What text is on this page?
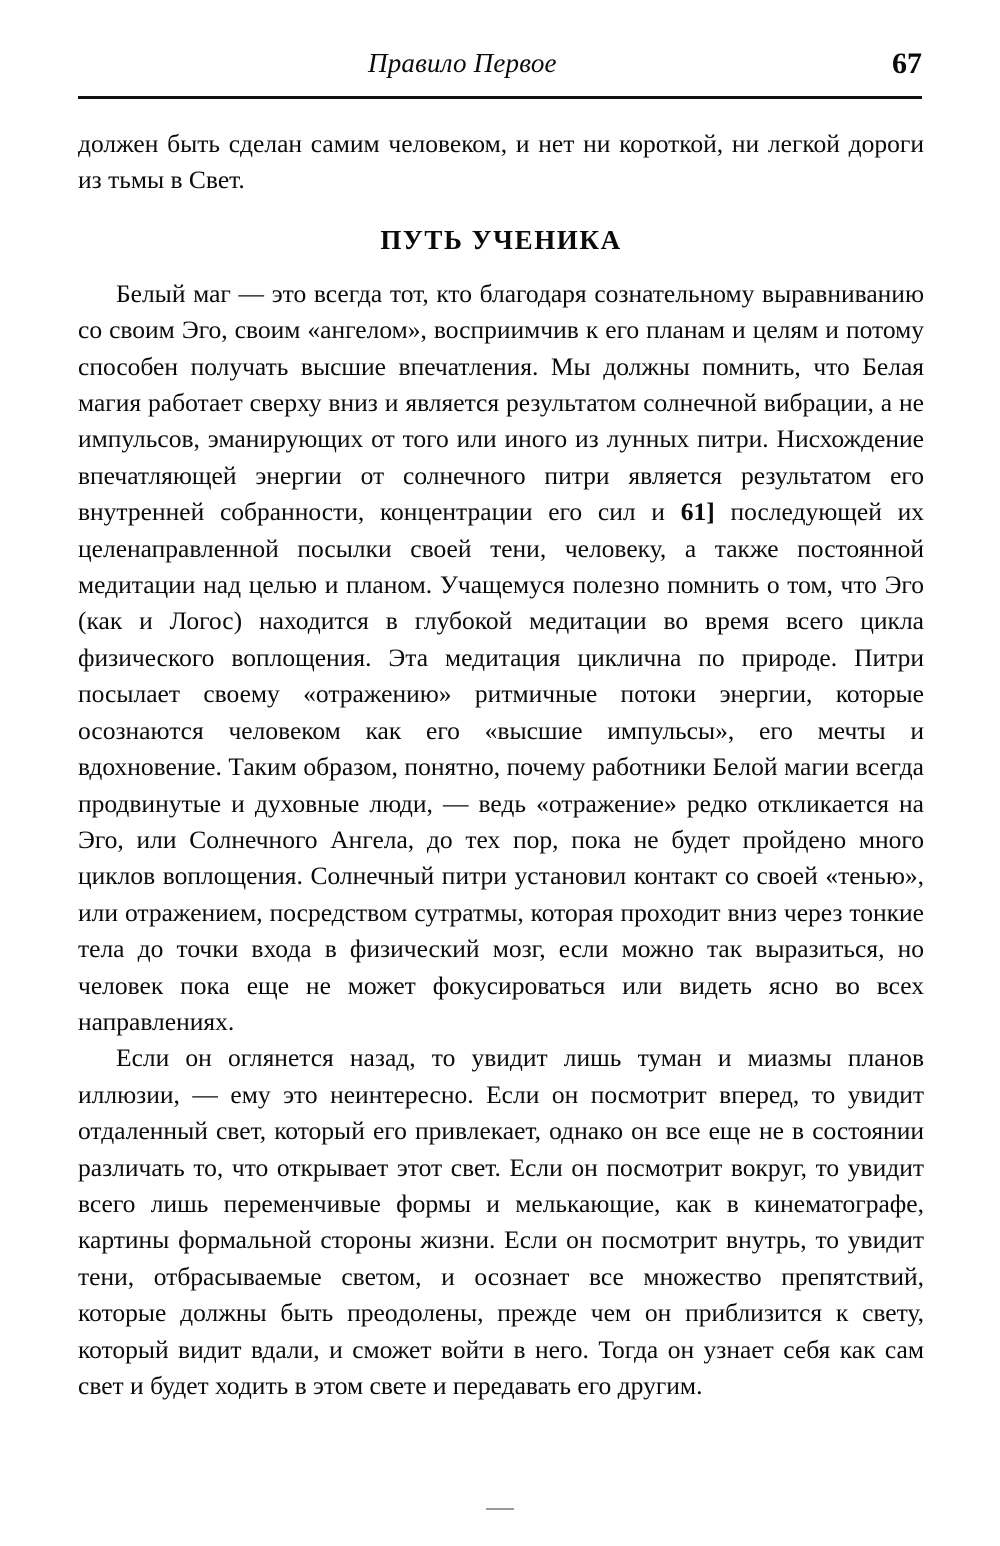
Правило Первое	67

должен быть сделан самим человеком, и нет ни короткой, ни легкой дороги из тьмы в Свет.

ПУТЬ УЧЕНИКА

Белый маг — это всегда тот, кто благодаря сознательному выравниванию со своим Эго, своим «ангелом», восприимчив к его планам и целям и потому способен получать высшие впечатления. Мы должны помнить, что Белая магия работает сверху вниз и является результатом солнечной вибрации, а не импульсов, эманирующих от того или иного из лунных питри. Нисхождение впечатляющей энергии от солнечного питри является результатом его внутренней собранности, концентрации его сил и 61] последующей их целенаправленной посылки своей тени, человеку, а также постоянной медитации над целью и планом. Учащемуся полезно помнить о том, что Эго (как и Логос) находится в глубокой медитации во время всего цикла физического воплощения. Эта медитация циклична по природе. Питри посылает своему «отражению» ритмичные потоки энергии, которые осознаются человеком как его «высшие импульсы», его мечты и вдохновение. Таким образом, понятно, почему работники Белой магии всегда продвинутые и духовные люди, — ведь «отражение» редко откликается на Эго, или Солнечного Ангела, до тех пор, пока не будет пройдено много циклов воплощения. Солнечный питри установил контакт со своей «тенью», или отражением, посредством сутратмы, которая проходит вниз через тонкие тела до точки входа в физический мозг, если можно так выразиться, но человек пока еще не может фокусироваться или видеть ясно во всех направлениях.

Если он оглянется назад, то увидит лишь туман и миазмы планов иллюзии, — ему это неинтересно. Если он посмотрит вперед, то увидит отдаленный свет, который его привлекает, однако он все еще не в состоянии различать то, что открывает этот свет. Если он посмотрит вокруг, то увидит всего лишь переменчивые формы и мелькающие, как в кинематографе, картины формальной стороны жизни. Если он посмотрит внутрь, то увидит тени, отбрасываемые светом, и осознает все множество препятствий, которые должны быть преодолены, прежде чем он приблизится к свету, который видит вдали, и сможет войти в него. Тогда он узнает себя как сам свет и будет ходить в этом свете и передавать его другим.
